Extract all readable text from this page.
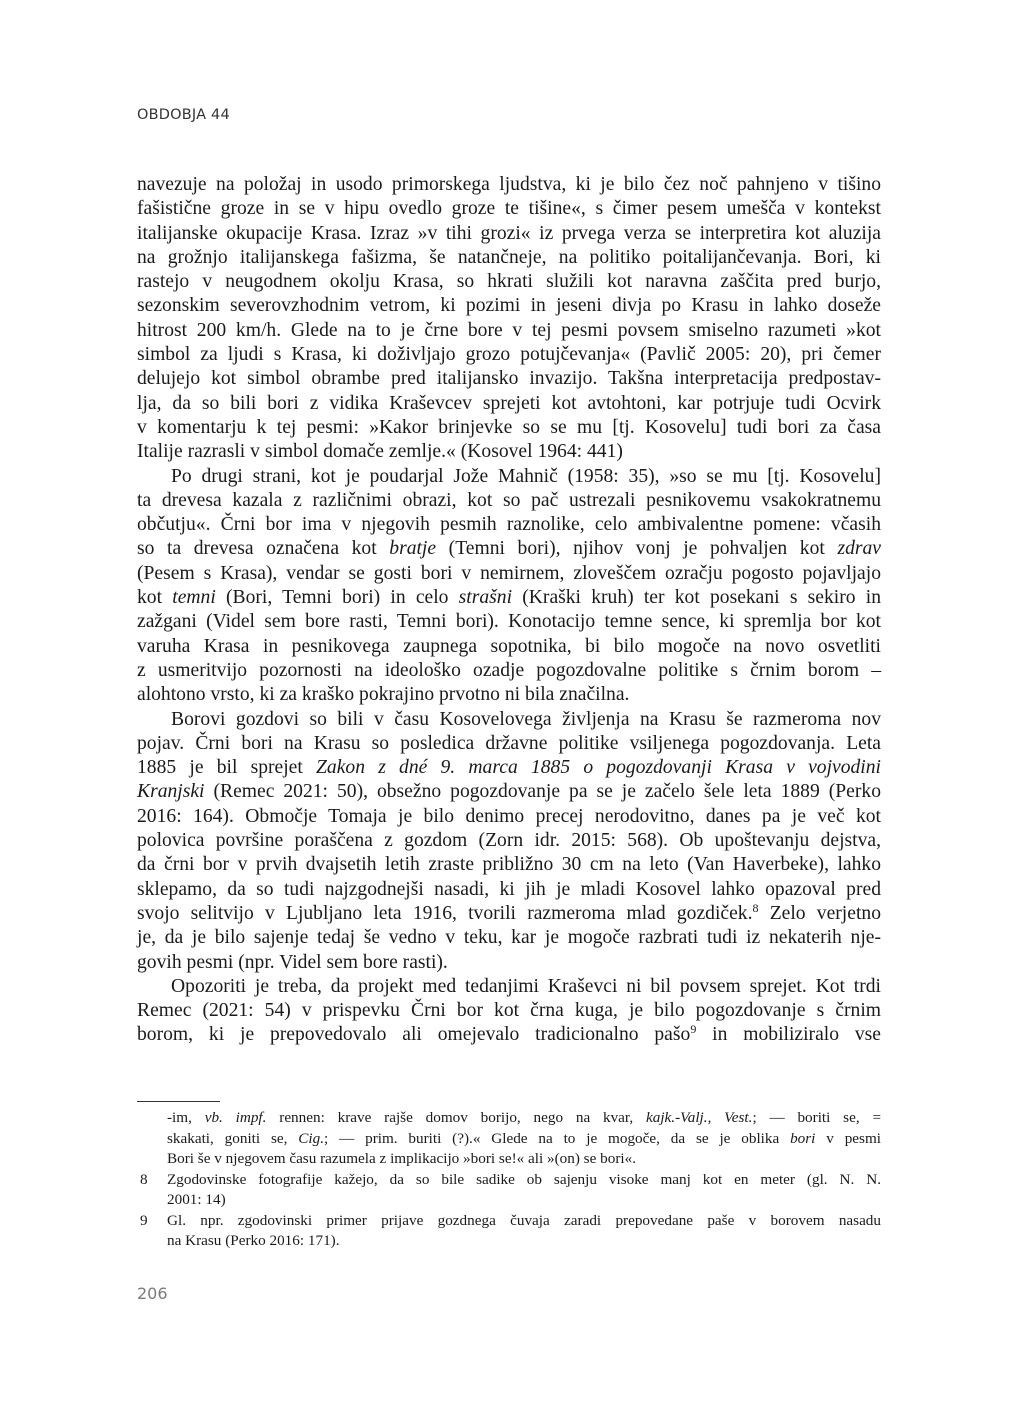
OBDOBJA 44

navezuje na položaj in usodo primorskega ljudstva, ki je bilo čez noč pahnjeno v tišino
fašistične groze in se v hipu ovedlo groze te tišine«, s čimer pesem umešča v kontekst
italijanske okupacije Krasa. Izraz »v tihi grozi« iz prvega verza se interpretira kot aluzija
na grožnjo italijanskega fašizma, še natančneje, na politiko poitalijančevanja. Bori, ki
rastejo v neugodnem okolju Krasa, so hkrati služili kot naravna zaščita pred burjo,
sezonskim severovzhodnim vetrom, ki pozimi in jeseni divja po Krasu in lahko doseže
hitrost 200 km/h. Glede na to je črne bore v tej pesmi povsem smiselno razumeti »kot
simbol za ljudi s Krasa, ki doživljajo grozo potujčevanja« (Pavlič 2005: 20), pri čemer
delujejo kot simbol obrambe pred italijansko invazijo. Takšna interpretacija predpostav-
lja, da so bili bori z vidika Kraševcev sprejeti kot avtohtoni, kar potrjuje tudi Ocvirk
v komentarju k tej pesmi: »Kakor brinjevke so se mu [tj. Kosovelu] tudi bori za časa
Italije razrasli v simbol domače zemlje.« (Kosovel 1964: 441)

Po drugi strani, kot je poudarjal Jože Mahnič (1958: 35), »so se mu [tj. Kosovelu]
ta drevesa kazala z različnimi obrazi, kot so pač ustrezali pesnikovemu vsakokratnemu
občutju«. Črni bor ima v njegovih pesmih raznolike, celo ambivalentne pomene: včasih
so ta drevesa označena kot bratje (Temni bori), njihov vonj je pohvaljen kot zdrav
(Pesem s Krasa), vendar se gosti bori v nemirnem, zloveščem ozračju pogosto pojavljajo
kot temni (Bori, Temni bori) in celo strašni (Kraški kruh) ter kot posekani s sekiro in
zažgani (Videl sem bore rasti, Temni bori). Konotacijo temne sence, ki spremlja bor kot
varuha Krasa in pesnikovega zaupnega sopotnika, bi bilo mogoče na novo osvetliti
z usmeritvijo pozornosti na ideološko ozadje pogozdovalne politike s črnim borom –
alohtono vrsto, ki za kraško pokrajino prvotno ni bila značilna.

Borovi gozdovi so bili v času Kosovelovega življenja na Krasu še razmeroma nov
pojav. Črni bori na Krasu so posledica državne politike vsiljenega pogozdovanja. Leta
1885 je bil sprejet Zakon z dné 9. marca 1885 o pogozdovanji Krasa v vojvodini
Kranjski (Remec 2021: 50), obsežno pogozdovanje pa se je začelo šele leta 1889 (Perko
2016: 164). Območje Tomaja je bilo denimo precej nerodovitno, danes pa je več kot
polovica površine poraščena z gozdom (Zorn idr. 2015: 568). Ob upoštevanju dejstva,
da črni bor v prvih dvajsetih letih zraste približno 30 cm na leto (Van Haverbeke), lahko
sklepamo, da so tudi najzgodnejši nasadi, ki jih je mladi Kosovel lahko opazoval pred
svojo selitvijo v Ljubljano leta 1916, tvorili razmeroma mlad gozdiček.$^8$ Zelo verjetno
je, da je bilo sajenje tedaj še vedno v teku, kar je mogoče razbrati tudi iz nekaterih nje-
govih pesmi (npr. Videl sem bore rasti).

Opozoriti je treba, da projekt med tedanjimi Kraševci ni bil povsem sprejet. Kot trdi
Remec (2021: 54) v prispevku Črni bor kot črna kuga, je bilo pogozdovanje s črnim
borom, ki je prepovedovalo ali omejevalo tradicionalno pašo$^9$ in mobiliziralo vse

-im, vb. impf. rennen: krave rajše domov borijo, nego na kvar, kajk.-Valj., Vest.; — boriti se, =
skakati, goniti se, Cig.; — prim. buriti (?).« Glede na to je mogoče, da se je oblika bori v pesmi
Bori še v njegovem času razumela z implikacijo »bori se!« ali »(on) se bori«.
8	Zgodovinske fotografije kažejo, da so bile sadike ob sajenju visoke manj kot en meter (gl. N. N.
2001: 14)
9	Gl. npr. zgodovinski primer prijave gozdnega čuvaja zaradi prepovedane paše v borovem nasadu
na Krasu (Perko 2016: 171).
206
